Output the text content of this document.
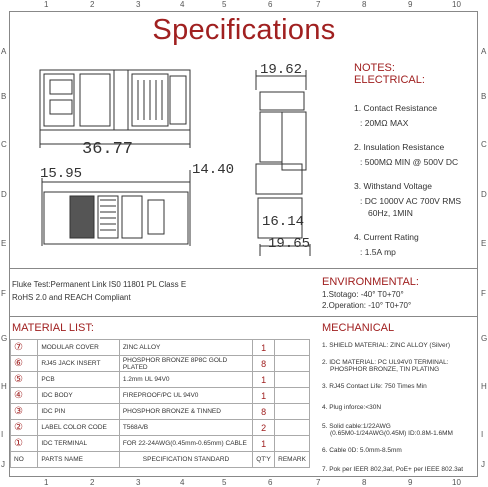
1	2	3	4	5	6	7	8	9	10
1	2	3	4	5	6	7	8	9	10
A
B
C
D
E
F
G
H
I
J
A
B
C
D
E
F
G
H
I
J
Specifications
36.77
19.62
15.95	14.40
16.14
19.65
NOTES:
ELECTRICAL:
1. Contact Resistance
: 20MΩ MAX
2. Insulation Resistance
: 500MΩ MIN @ 500V DC
3. Withstand Voltage
: DC 1000V AC 700V RMS
60Hz, 1MIN
4. Current Rating
: 1.5A mp
Fluke Test:Permanent Link IS0 11801 PL Class E
RoHS 2.0 and REACH Compliant
ENVIRONMENTAL:
1.Stotago: -40° T0+70°
2.Operation: -10° T0+70°
MATERIAL LIST:
⑦	MODULAR COVER	ZINC ALLOY	1	
⑥	RJ45 JACK INSERT	PHOSPHOR BRONZE 8P8C GOLD PLATED	8	
⑤	PCB	1.2mm UL 94V0	1	
④	IDC BODY	FIREPROOF/PC UL 94V0	1	
③	IDC PIN	PHOSPHOR BRONZE & TINNED	8	
②	LABEL COLOR CODE	T568A/B	2	
①	IDC TERMINAL	FOR 22-24AWG(0.45mm-0.65mm) CABLE	1	
NO	PARTS NAME	SPECIFICATION STANDARD	QT'Y	REMARK
MECHANICAL
1. SHIELD MATERIAL: ZINC ALLOY (Silver)
2. IDC MATERIAL: PC UL94V0 TERMINAL:
PHOSPHOR BRONZE, TIN PLATING
3. RJ45 Contact Life: 750 Times Min
4. Plug inforce:<30N
5. Solid cable:1/22AWG
(0.65M0-1/24AWG(0.45M) ID:0.8M-1.6MM
6. Cable 0D: 5.0mm-8.5mm
7. Pok per IEER 802,3af, PoE+ per IEEE 802.3at
